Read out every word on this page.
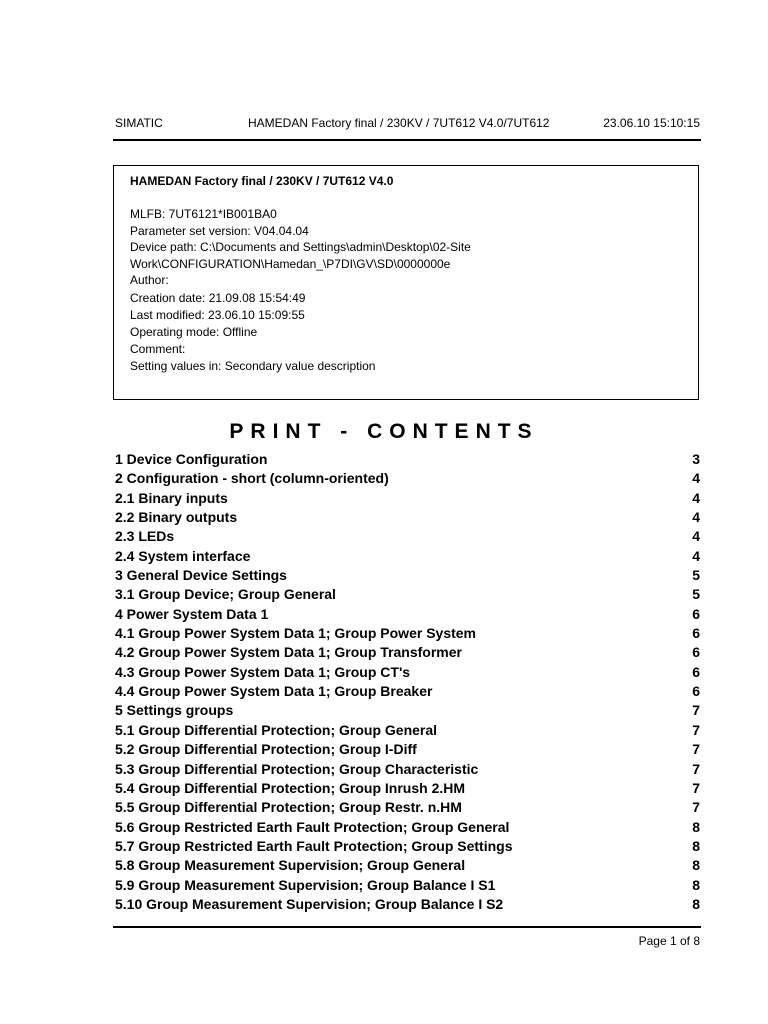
SIMATIC	HAMEDAN Factory final / 230KV / 7UT612 V4.0/7UT612	23.06.10 15:10:15
HAMEDAN Factory final / 230KV / 7UT612 V4.0
MLFB: 7UT6121*IB001BA0
Parameter set version: V04.04.04
Device path: C:\Documents and Settings\admin\Desktop\02-Site
Work\CONFIGURATION\Hamedan_\P7DI\GV\SD\0000000e
Author:
Creation date: 21.09.08 15:54:49
Last modified: 23.06.10 15:09:55
Operating mode: Offline
Comment:
Setting values in: Secondary value description
PRINT - CONTENTS
1 Device Configuration	3
2 Configuration - short (column-oriented)	4
2.1 Binary inputs	4
2.2 Binary outputs	4
2.3 LEDs	4
2.4 System interface	4
3 General Device Settings	5
3.1 Group Device; Group General	5
4 Power System Data 1	6
4.1 Group Power System Data 1; Group Power System	6
4.2 Group Power System Data 1; Group Transformer	6
4.3 Group Power System Data 1; Group CT's	6
4.4 Group Power System Data 1; Group Breaker	6
5 Settings groups	7
5.1 Group Differential Protection; Group General	7
5.2 Group Differential Protection; Group I-Diff	7
5.3 Group Differential Protection; Group Characteristic	7
5.4 Group Differential Protection; Group Inrush 2.HM	7
5.5 Group Differential Protection; Group Restr. n.HM	7
5.6 Group Restricted Earth Fault Protection; Group General	8
5.7 Group Restricted Earth Fault Protection; Group Settings	8
5.8 Group Measurement Supervision; Group General	8
5.9 Group Measurement Supervision; Group Balance I S1	8
5.10 Group Measurement Supervision; Group Balance I S2	8
Page 1 of 8
